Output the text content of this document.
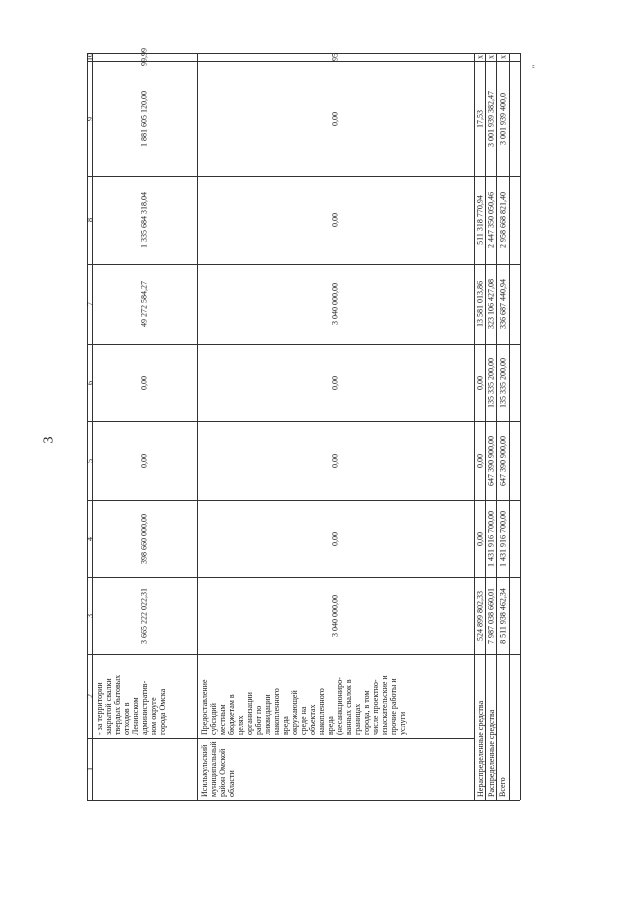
3
"
1
2
3
4
5
6
7
8
9
10
- за территории закрытой свалки твердых бытовых отходов в Ленинском административ- ном округе города Омска
3 665 222 022,31
398 660 000,00
0,00
0,00
49 272 584,27
1 335 684 318,04
1 881 605 120,00
99,99
Исилькульский муниципальный район Омской области
Предоставление субсидий местным бюджетам в целях организации работ по ликвидации накопленного вреда окружающей среде на объектах накопленного вреда (несанкциониро- ванных свалок в границах города, в том числе проектно- изыскательские и прочие работы и услуги
3 040 000,00
0,00
0,00
0,00
3 040 000,00
0,00
0,00
95
Нераспределенные средства
524 899 802,33
0,00
0,00
0,00
13 581 013,86
511 318 770,94
17,53
x
Распределенные средства
7 987 038 660,01
1 431 916 700,00
647 390 900,00
135 335 200,00
323 106 427,08
2 447 350 050,46
3 001 939 382,47
x
Всего
8 511 938 462,34
1 431 916 700,00
647 390 900,00
135 335 200,00
336 687 440,94
2 958 668 821,40
3 001 939 400,0
x
